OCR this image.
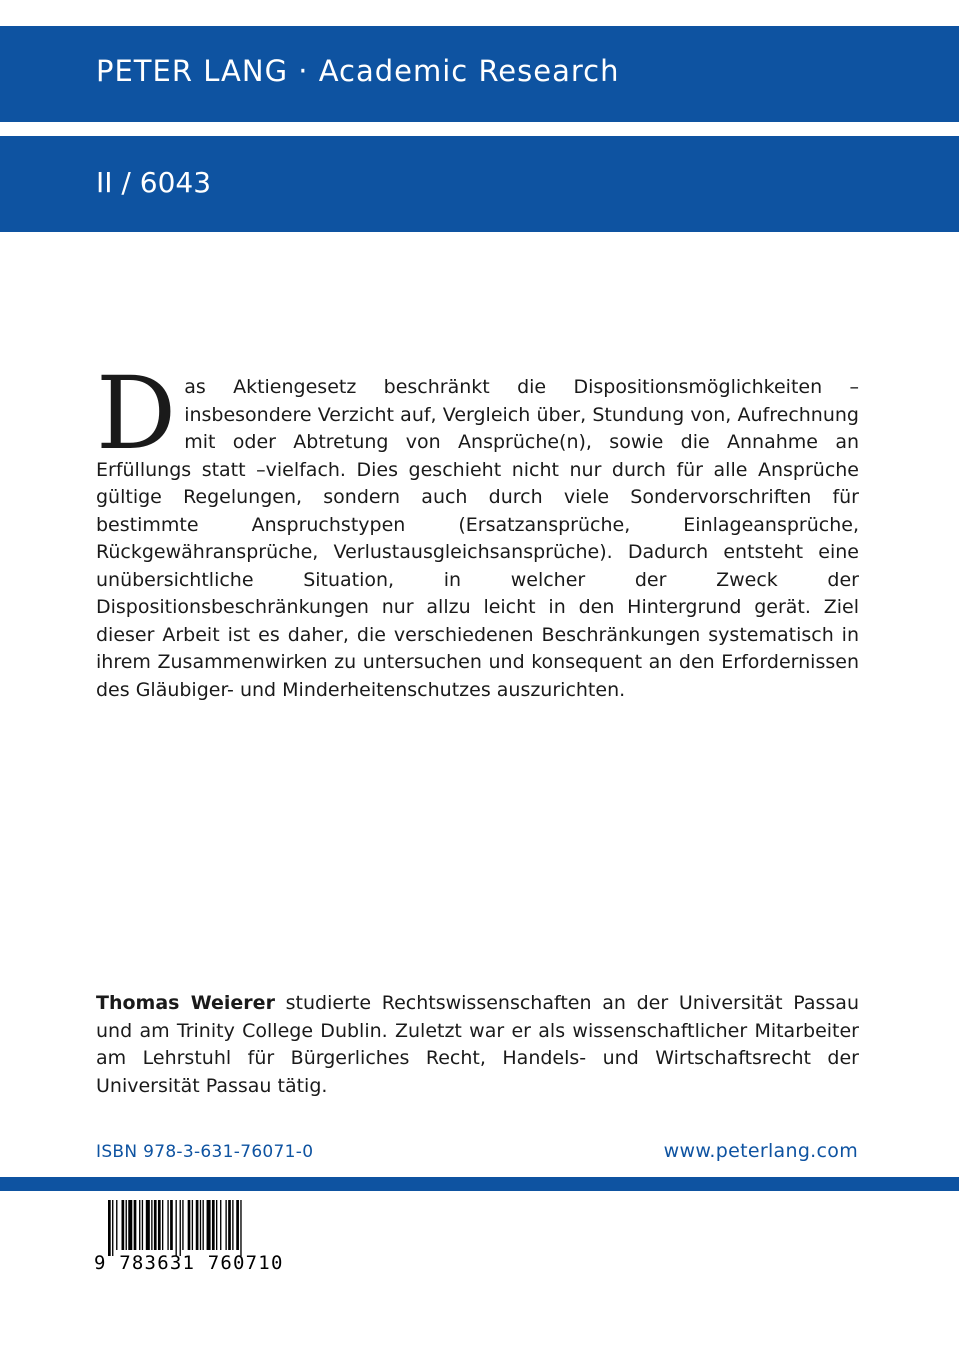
PETER LANG · Academic Research
II / 6043
Das Aktiengesetz beschränkt die Dispositionsmöglichkeiten – insbesondere Verzicht auf, Vergleich über, Stundung von, Aufrechnung mit oder Abtretung von Ansprüche(n), sowie die Annahme an Erfüllungs statt –vielfach. Dies geschieht nicht nur durch für alle Ansprüche gültige Regelungen, sondern auch durch viele Sondervorschriften für bestimmte Anspruchstypen (Ersatzansprüche, Einlageansprüche, Rückgewähransprüche, Verlustausgleichsansprüche). Dadurch entsteht eine unübersichtliche Situation, in welcher der Zweck der Dispositionsbeschränkungen nur allzu leicht in den Hintergrund gerät. Ziel dieser Arbeit ist es daher, die verschiedenen Beschränkungen systematisch in ihrem Zusammenwirken zu untersuchen und konsequent an den Erfordernissen des Gläubiger- und Minderheitenschutzes auszurichten.
Thomas Weierer studierte Rechtswissenschaften an der Universität Passau und am Trinity College Dublin. Zuletzt war er als wissenschaftlicher Mitarbeiter am Lehrstuhl für Bürgerliches Recht, Handels- und Wirtschaftsrecht der Universität Passau tätig.
ISBN 978-3-631-76071-0	www.peterlang.com
9 783631 760710
